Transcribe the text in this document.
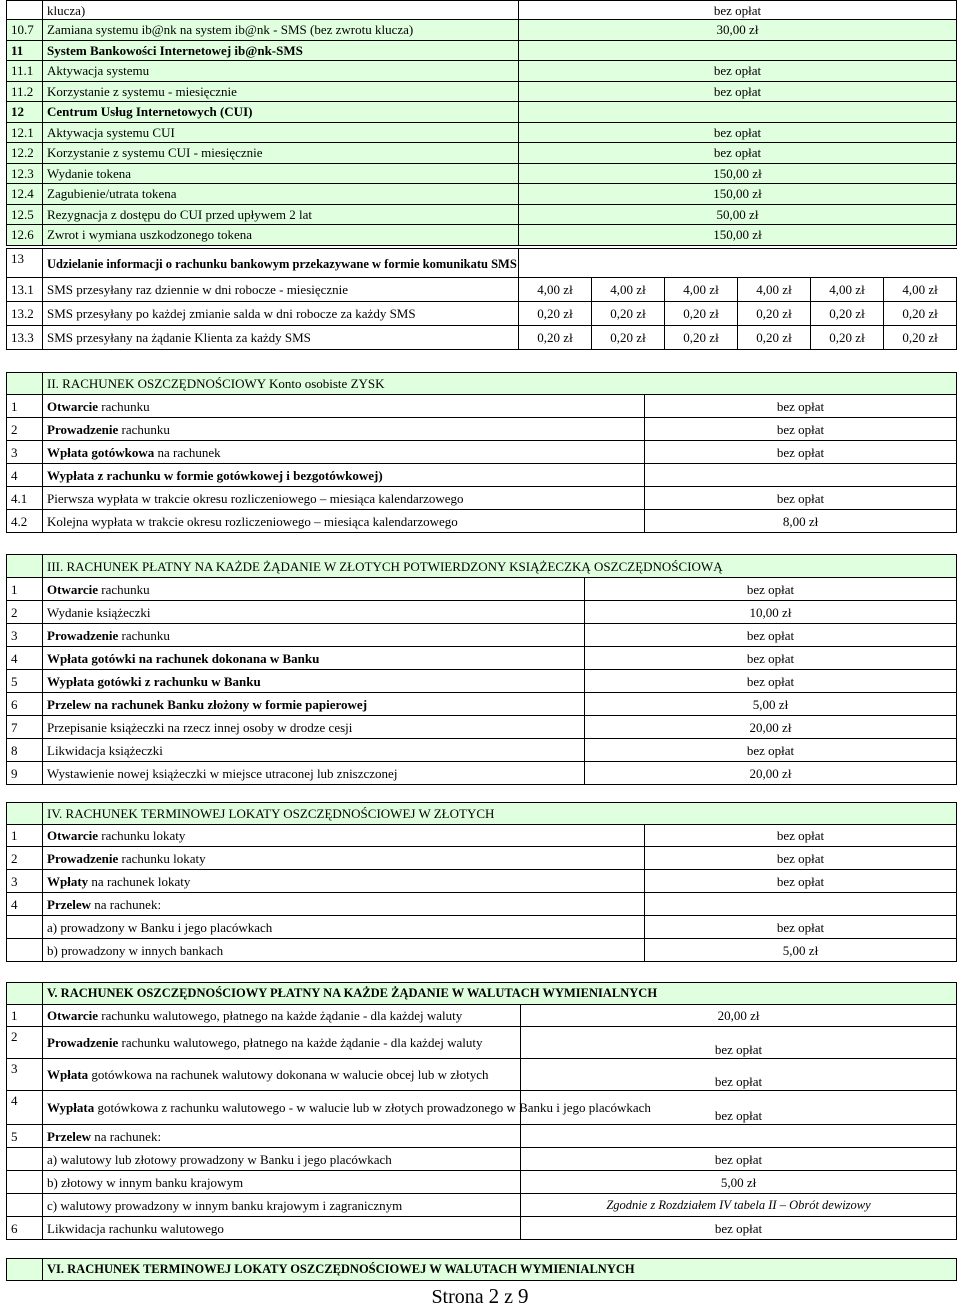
	klucza)	bez opłat
10.7	Zamiana systemu ib@nk na system ib@nk - SMS (bez zwrotu klucza)	30,00 zł
11	System Bankowości Internetowej ib@nk-SMS	
11.1	Aktywacja systemu	bez opłat
11.2	Korzystanie z systemu - miesięcznie	bez opłat
12	Centrum Usług Internetowych (CUI)	
12.1	Aktywacja systemu CUI	bez opłat
12.2	Korzystanie z systemu CUI - miesięcznie	bez opłat
12.3	Wydanie tokena	150,00 zł
12.4	Zagubienie/utrata tokena	150,00 zł
12.5	Rezygnacja z dostępu do CUI przed upływem 2 lat	50,00 zł
12.6	Zwrot i wymiana uszkodzonego tokena	150,00 zł
13	Udzielanie informacji o rachunku bankowym przekazywane w formie komunikatu SMS						
13.1	SMS przesyłany raz dziennie w dni robocze - miesięcznie	4,00 zł	4,00 zł	4,00 zł	4,00 zł	4,00 zł	4,00 zł
13.2	SMS przesyłany po każdej zmianie salda w dni robocze za każdy SMS	0,20 zł	0,20 zł	0,20 zł	0,20 zł	0,20 zł	0,20 zł
13.3	SMS przesyłany na żądanie Klienta za każdy SMS	0,20 zł	0,20 zł	0,20 zł	0,20 zł	0,20 zł	0,20 zł
	II. RACHUNEK OSZCZĘDNOŚCIOWY Konto osobiste ZYSK	
1	Otwarcie rachunku	bez opłat
2	Prowadzenie rachunku	bez opłat
3	Wpłata gotówkowa na rachunek	bez opłat
4	Wypłata z rachunku w formie gotówkowej i bezgotówkowej)	
4.1	Pierwsza wypłata w trakcie okresu rozliczeniowego – miesiąca kalendarzowego	bez opłat
4.2	Kolejna wypłata w trakcie okresu rozliczeniowego – miesiąca kalendarzowego	8,00 zł
	III. RACHUNEK PŁATNY NA KAŻDE ŻĄDANIE W ZŁOTYCH POTWIERDZONY KSIĄŻECZKĄ OSZCZĘDNOŚCIOWĄ	
1	Otwarcie rachunku	bez opłat
2	Wydanie książeczki	10,00 zł
3	Prowadzenie rachunku	bez opłat
4	Wpłata gotówki na rachunek dokonana w Banku	bez opłat
5	Wypłata gotówki z rachunku w Banku	bez opłat
6	Przelew na rachunek Banku złożony w formie papierowej	5,00 zł
7	Przepisanie książeczki na rzecz innej osoby w drodze cesji	20,00 zł
8	Likwidacja książeczki	bez opłat
9	Wystawienie nowej książeczki w miejsce utraconej lub zniszczonej	20,00 zł
	IV. RACHUNEK TERMINOWEJ LOKATY OSZCZĘDNOŚCIOWEJ W ZŁOTYCH	
1	Otwarcie rachunku lokaty	bez opłat
2	Prowadzenie rachunku lokaty	bez opłat
3	Wpłaty na rachunek lokaty	bez opłat
4	Przelew na rachunek:	
	a) prowadzony w Banku i jego placówkach	bez opłat
	b) prowadzony w innych bankach	5,00 zł
	V. RACHUNEK OSZCZĘDNOŚCIOWY PŁATNY NA KAŻDE ŻĄDANIE W WALUTACH WYMIENIALNYCH	
1	Otwarcie rachunku walutowego, płatnego na każde żądanie - dla każdej waluty	20,00 zł
2	Prowadzenie rachunku walutowego, płatnego na każde żądanie - dla każdej waluty	bez opłat
3	Wpłata gotówkowa na rachunek walutowy dokonana w walucie obcej lub w złotych	bez opłat
4	Wypłata gotówkowa z rachunku walutowego - w walucie lub w złotych prowadzonego w Banku i jego placówkach	bez opłat
5	Przelew na rachunek:	
	a) walutowy lub złotowy prowadzony w Banku i jego placówkach	bez opłat
	b) złotowy w innym banku krajowym	5,00 zł
	c) walutowy prowadzony w innym banku krajowym i zagranicznym	Zgodnie z Rozdziałem IV tabela II – Obrót dewizowy
6	Likwidacja rachunku walutowego	bez opłat
	VI. RACHUNEK TERMINOWEJ LOKATY OSZCZĘDNOŚCIOWEJ W WALUTACH WYMIENIALNYCH
Strona 2 z 9
